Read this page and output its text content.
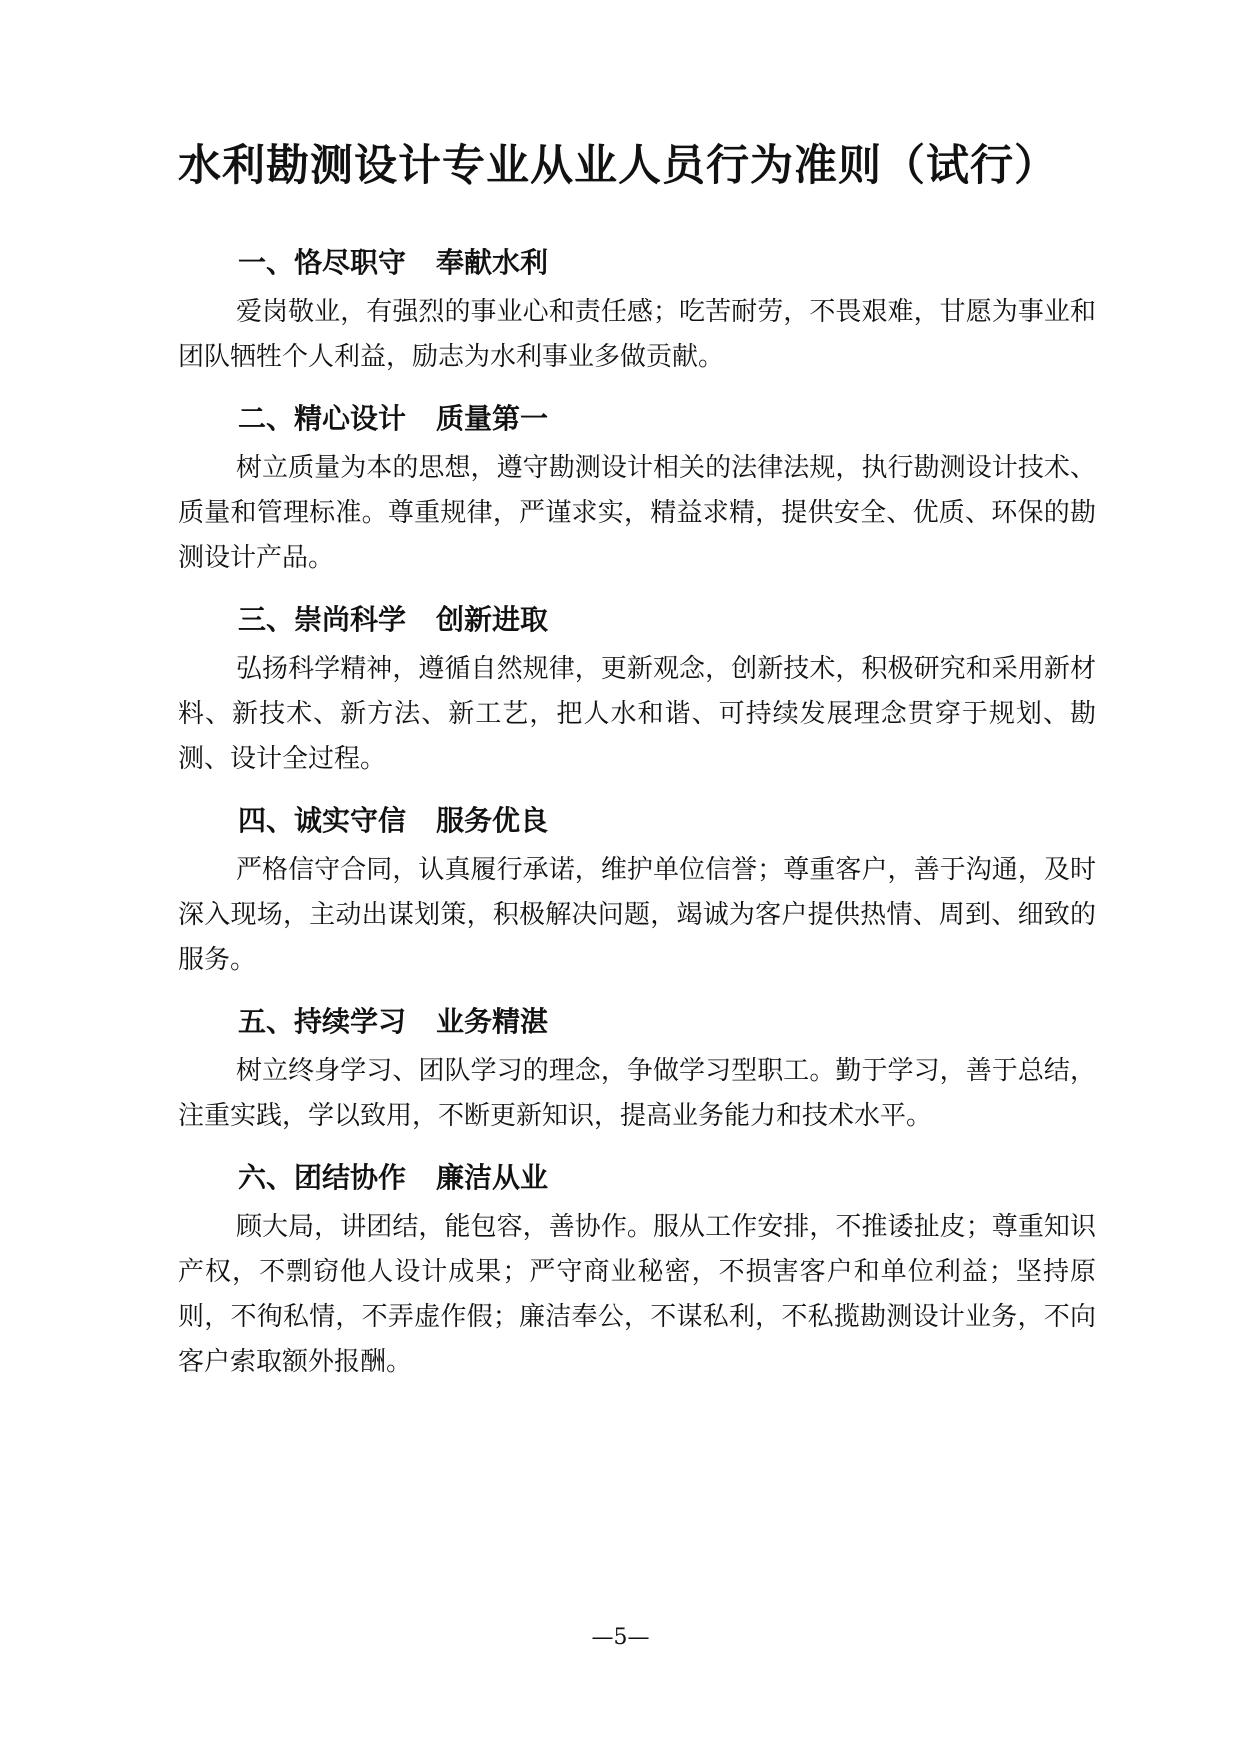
水利勘测设计专业从业人员行为准则（试行）
一、恪尽职守 奉献水利

爱岗敬业，有强烈的事业心和责任感；吃苦耐劳，不畏艰难，甘愿为事业和团队牺牲个人利益，励志为水利事业多做贡献。

二、精心设计 质量第一

树立质量为本的思想，遵守勘测设计相关的法律法规，执行勘测设计技术、质量和管理标准。尊重规律，严谨求实，精益求精，提供安全、优质、环保的勘测设计产品。

三、崇尚科学 创新进取

弘扬科学精神，遵循自然规律，更新观念，创新技术，积极研究和采用新材料、新技术、新方法、新工艺，把人水和谐、可持续发展理念贯穿于规划、勘测、设计全过程。

四、诚实守信 服务优良

严格信守合同，认真履行承诺，维护单位信誉；尊重客户，善于沟通，及时深入现场，主动出谋划策，积极解决问题，竭诚为客户提供热情、周到、细致的服务。

五、持续学习 业务精湛

树立终身学习、团队学习的理念，争做学习型职工。勤于学习，善于总结，注重实践，学以致用，不断更新知识，提高业务能力和技术水平。

六、团结协作 廉洁从业

顾大局，讲团结，能包容，善协作。服从工作安排，不推诿扯皮；尊重知识产权，不剽窃他人设计成果；严守商业秘密，不损害客户和单位利益；坚持原则，不徇私情，不弄虚作假；廉洁奉公，不谋私利，不私揽勘测设计业务，不向客户索取额外报酬。

—5—
